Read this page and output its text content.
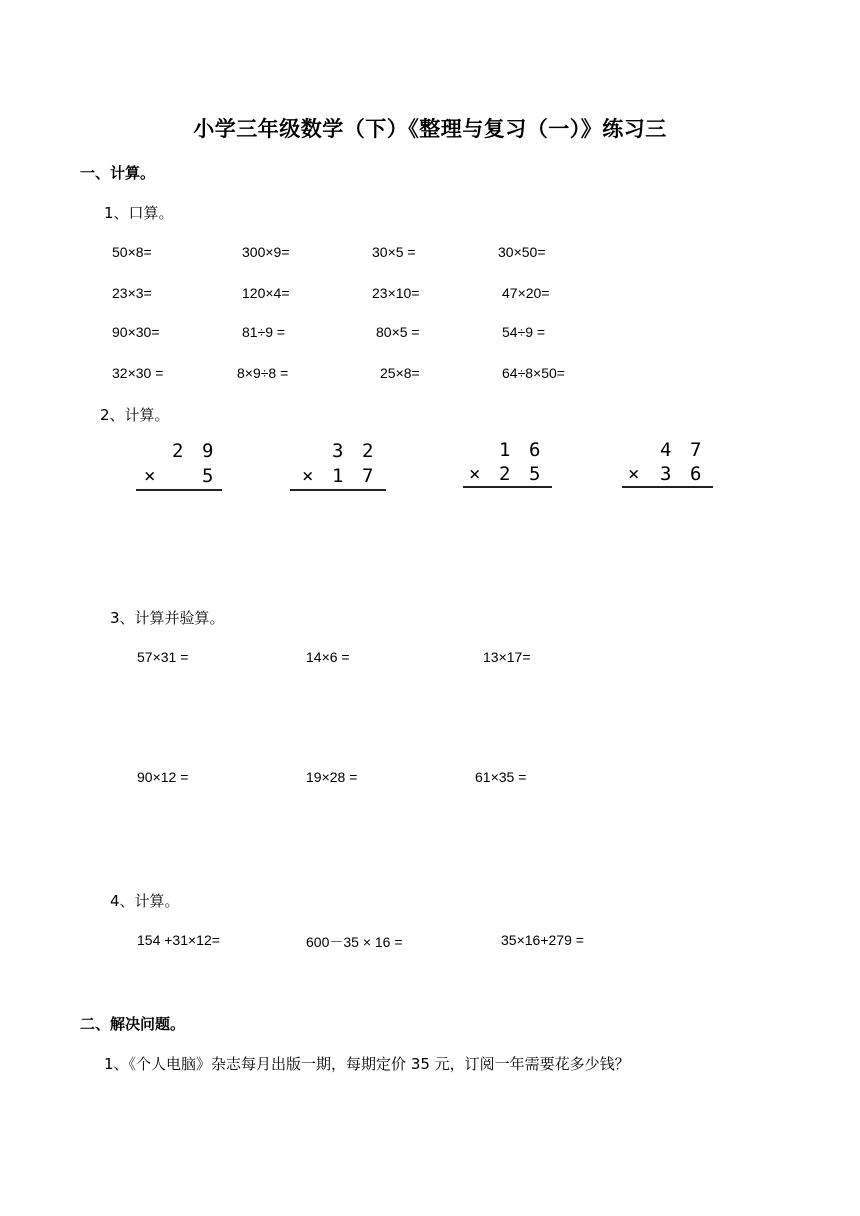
小学三年级数学（下）《整理与复习（一）》练习三
一、计算。
1、口算。
50×8=	300×9=	30×5 =	30×50=
23×3=	120×4=	23×10=	47×20=
90×30=	81÷9 =	80×5 =	54÷9 =
32×30 =	8×9÷8 =	25×8=	64÷8×50=
2、计算。
2 9
× 5
3 2
× 1 7
1 6
× 2 5
4 7
× 3 6
3、计算并验算。
57×31 =	14×6 =	13×17=
90×12 =	19×28 =	61×35 =
4、计算。
154 +31×12=	600－35 × 16 =	35×16+279 =
二、解决问题。
1、《个人电脑》杂志每月出版一期，每期定价 35 元，订阅一年需要花多少钱？
